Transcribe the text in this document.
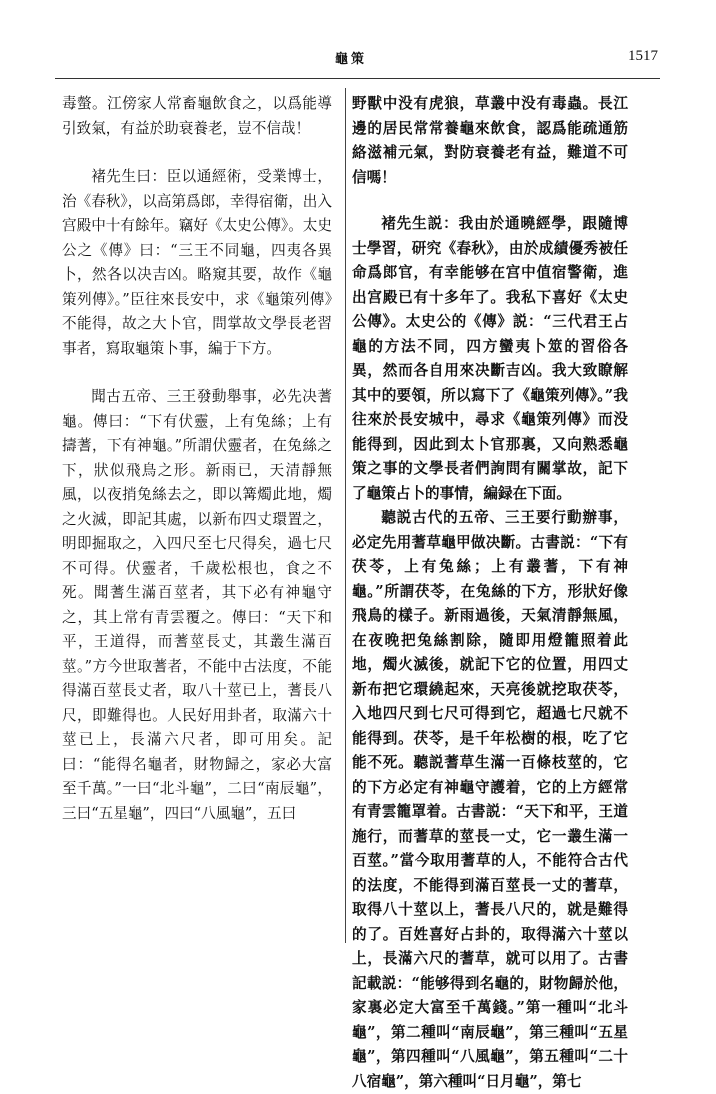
龜策	1517

毒螫。江傍家人常畜龜飲食之，以爲能導引致氣，有益於助衰養老，豈不信哉！

褚先生曰：臣以通經術，受業博士，治《春秋》，以高第爲郎，幸得宿衛，出入宫殿中十有餘年。竊好《太史公傳》。太史公之《傳》曰：“三王不同龜，四夷各異卜，然各以决吉凶。略窺其要，故作《龜策列傳》。”臣往來長安中，求《龜策列傳》不能得，故之大卜官，問掌故文學長老習事者，寫取龜策卜事，編于下方。

聞古五帝、三王發動舉事，必先决蓍龜。傳曰：“下有伏靈，上有兔絲；上有擣蓍，下有神龜。”所謂伏靈者，在兔絲之下，狀似飛鳥之形。新雨已，天清靜無風，以夜捎兔絲去之，即以篝燭此地，燭之火滅，即記其處，以新布四丈環置之，明即掘取之，入四尺至七尺得矣，過七尺不可得。伏靈者，千歲松根也，食之不死。聞蓍生滿百莖者，其下必有神龜守之，其上常有青雲覆之。傳曰：“天下和平，王道得，而蓍莖長丈，其叢生滿百莖。”方今世取蓍者，不能中古法度，不能得滿百莖長丈者，取八十莖已上，蓍長八尺，即難得也。人民好用卦者，取滿六十莖已上，長滿六尺者，即可用矣。記曰：“能得名龜者，財物歸之，家必大富至千萬。”一曰“北斗龜”，二曰“南辰龜”，三曰“五星龜”，四曰“八風龜”，五曰

野獸中没有虎狼，草叢中没有毒蟲。長江邊的居民常常養龜來飲食，認爲能疏通筋絡滋補元氣，對防衰養老有益，難道不可信嗎！

褚先生説：我由於通曉經學，跟隨博士學習，研究《春秋》，由於成績優秀被任命爲郎官，有幸能够在宫中值宿警衛，進出宫殿已有十多年了。我私下喜好《太史公傳》。太史公的《傳》説：“三代君王占龜的方法不同，四方蠻夷卜筮的習俗各異，然而各自用來决斷吉凶。我大致瞭解其中的要領，所以寫下了《龜策列傳》。”我往來於長安城中，尋求《龜策列傳》而没能得到，因此到太卜官那裏，又向熟悉龜策之事的文學長者們詢問有關掌故，記下了龜策占卜的事情，編録在下面。

聽説古代的五帝、三王要行動辦事，必定先用蓍草龜甲做决斷。古書説：“下有茯苓，上有兔絲；上有叢蓍，下有神龜。”所謂茯苓，在兔絲的下方，形狀好像飛鳥的樣子。新雨過後，天氣清靜無風，在夜晚把兔絲割除，隨即用燈籠照着此地，燭火滅後，就記下它的位置，用四丈新布把它環繞起來，天亮後就挖取茯苓，入地四尺到七尺可得到它，超過七尺就不能得到。茯苓，是千年松樹的根，吃了它能不死。聽説蓍草生滿一百條枝莖的，它的下方必定有神龜守護着，它的上方經常有青雲籠罩着。古書説：“天下和平，王道施行，而蓍草的莖長一丈，它一叢生滿一百莖。”當今取用蓍草的人，不能符合古代的法度，不能得到滿百莖長一丈的蓍草，取得八十莖以上，蓍長八尺的，就是難得的了。百姓喜好占卦的，取得滿六十莖以上，長滿六尺的蓍草，就可以用了。古書記載説：“能够得到名龜的，財物歸於他，家裏必定大富至千萬錢。”第一種叫“北斗龜”，第二種叫“南辰龜”，第三種叫“五星龜”，第四種叫“八風龜”，第五種叫“二十八宿龜”，第六種叫“日月龜”，第七
